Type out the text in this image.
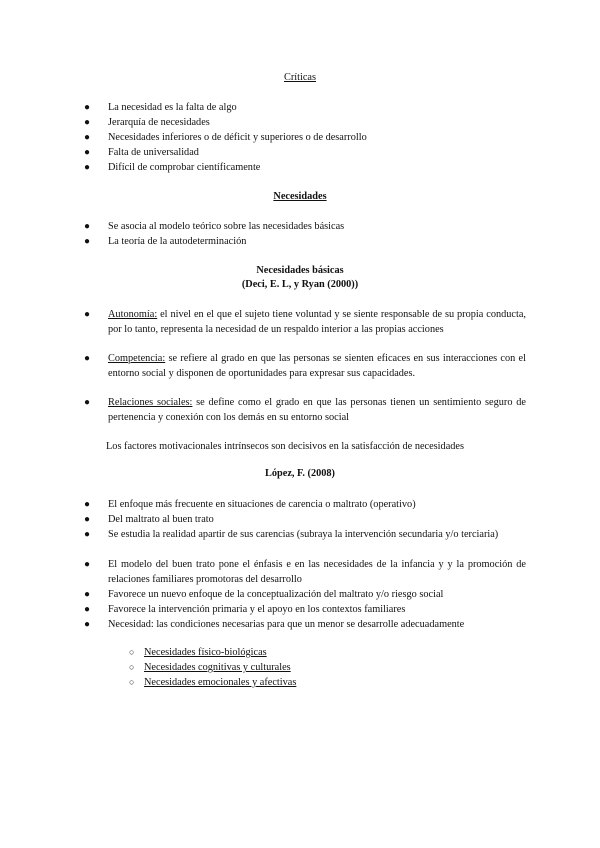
Críticas
● La necesidad es la falta de algo
● Jerarquía de necesidades
● Necesidades inferiores o de déficit y superiores o de desarrollo
● Falta de universalidad
● Difícil de comprobar científicamente
Necesidades
● Se asocia al modelo teórico sobre las necesidades básicas
● La teoría de la autodeterminación
Necesidades básicas
(Deci, E. L, y Ryan (2000))
● Autonomía: el nivel en el que el sujeto tiene voluntad y se siente responsable de su propia conducta, por lo tanto, representa la necesidad de un respaldo interior a las propias acciones
● Competencia: se refiere al grado en que las personas se sienten eficaces en sus interacciones con el entorno social y disponen de oportunidades para expresar sus capacidades.
● Relaciones sociales: se define como el grado en que las personas tienen un sentimiento seguro de pertenencia y conexión con los demás en su entorno social
Los factores motivacionales intrínsecos son decisivos en la satisfacción de necesidades
López, F. (2008)
● El enfoque más frecuente en situaciones de carencia o maltrato (operativo)
● Del maltrato al buen trato
● Se estudia la realidad apartir de sus carencias (subraya la intervención secundaria y/o terciaria)
● El modelo del buen trato pone el énfasis e en las necesidades de la infancia y y la promoción de relaciones familiares promotoras del desarrollo
● Favorece un nuevo enfoque de la conceptualización del maltrato y/o riesgo social
● Favorece la intervención primaria y el apoyo en los contextos familiares
● Necesidad: las condiciones necesarias para que un menor se desarrolle adecuadamente
○ Necesidades físico-biológicas
○ Necesidades cognitivas y culturales
○ Necesidades emocionales y afectivas
